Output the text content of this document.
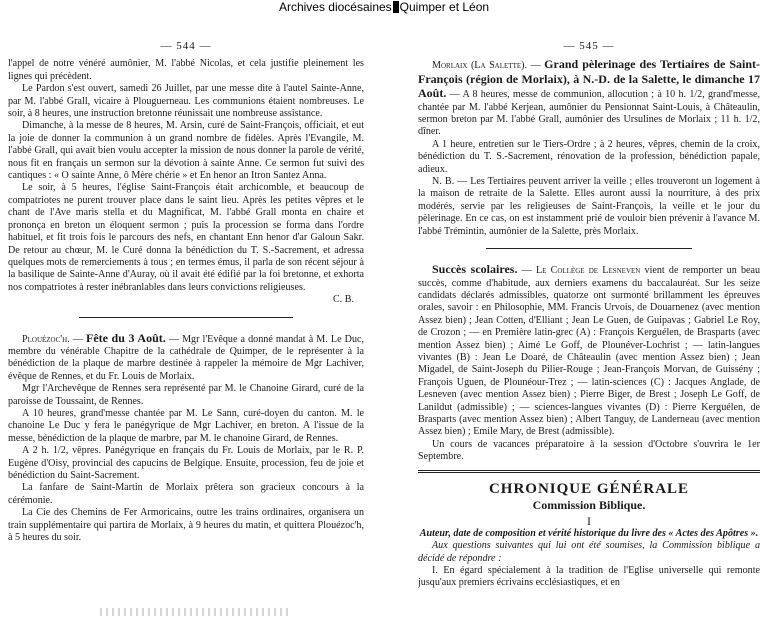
Archives diocésaines Quimper et Léon
— 544 —

l'appel de notre vénéré aumônier, M. l'abbé Nicolas, et cela justifie pleinement les lignes qui précèdent.

Le Pardon s'est ouvert, samedi 26 Juillet, par une messe dite à l'autel Sainte-Anne, par M. l'abbé Grall, vicaire à Plouguerneau. Les communions étaient nombreuses. Le soir, à 8 heures, une instruction bretonne réunissait une nombreuse assistance.

Dimanche, à la messe de 8 heures, M. Arsin, curé de Saint-François, officiait, et eut la joie de donner la communion à un grand nombre de fidèles. Après l'Evangile, M. l'abbé Grall, qui avait bien voulu accepter la mission de nous donner la parole de vérité, nous fit en français un sermon sur la dévotion à sainte Anne. Ce sermon fut suivi des cantiques : « O sainte Anne, ô Mère chérie » et En henor an Itron Santez Anna.

Le soir, à 5 heures, l'église Saint-François était archicomble, et beaucoup de compatriotes ne purent trouver place dans le saint lieu. Après les petites vêpres et le chant de l'Ave maris stella et du Magnificat, M. l'abbé Grall monta en chaire et prononça en breton un éloquent sermon ; puis la procession se forma dans l'ordre habituel, et fit trois fois le parcours des nefs, en chantant Enn henor d'ar Galoun Sakr. De retour au chœur, M. le Curé donna la bénédiction du T. S.-Sacrement, et adressa quelques mots de remerciements à tous ; en termes émus, il parla de son récent séjour à la basilique de Sainte-Anne d'Auray, où il avait été édifié par la foi bretonne, et exhorta nos compatriotes à rester inébranlables dans leurs convictions religieuses.

C. B.

Plouézoc'h. — Fête du 3 Août. — Mgr l'Evêque a donné mandat à M. Le Duc, membre du vénérable Chapitre de la cathédrale de Quimper, de le représenter à la bénédiction de la plaque de marbre destinée à rappeler la mémoire de Mgr Lachiver, évêque de Rennes, et du Fr. Louis de Morlaix.

Mgr l'Archevêque de Rennes sera représenté par M. le Chanoine Girard, curé de la paroisse de Toussaint, de Rennes.

A 10 heures, grand'messe chantée par M. Le Sann, curé-doyen du canton. M. le chanoine Le Duc y fera le panégyrique de Mgr Lachiver, en breton. A l'issue de la messe, bénédiction de la plaque de marbre, par M. le chanoine Girard, de Rennes.

A 2 h. 1/2, vêpres. Panégyrique en français du Fr. Louis de Morlaix, par le R. P. Eugène d'Oisy, provincial des capucins de Belgique. Ensuite, procession, feu de joie et bénédiction du Saint-Sacrement.

La fanfare de Saint-Martin de Morlaix prêtera son gracieux concours à la cérémonie.

La Cie des Chemins de Fer Armoricains, outre les trains ordinaires, organisera un train supplémentaire qui partira de Morlaix, à 9 heures du matin, et quittera Plouézoc'h, à 5 heures du soir.

— 545 —

Morlaix (La Salette). — Grand pèlerinage des Tertiaires de Saint-François (région de Morlaix), à N.-D. de la Salette, le dimanche 17 Août. — A 8 heures, messe de communion, allocution ; à 10 h. 1/2, grand'messe, chantée par M. l'abbé Kerjean, aumônier du Pensionnat Saint-Louis, à Châteaulin, sermon breton par M. l'abbé Grall, aumônier des Ursulines de Morlaix ; 11 h. 1/2, dîner.

A 1 heure, entretien sur le Tiers-Ordre ; à 2 heures, vêpres, chemin de la croix, bénédiction du T. S.-Sacrement, rénovation de la profession, bénédiction papale, adieux.

N. B. — Les Tertiaires peuvent arriver la veille ; elles trouveront un logement à la maison de retraite de la Salette. Elles auront aussi la nourriture, à des prix modérés, servie par les religieuses de Saint-François, la veille et le jour du pèlerinage. En ce cas, on est instamment prié de vouloir bien prévenir à l'avance M. l'abbé Trémintin, aumônier de la Salette, près Morlaix.

Succès scolaires. — Le Collège de Lesneven vient de remporter un beau succès, comme d'habitude, aux derniers examens du baccalauréat. Sur les seize candidats déclarés admissibles, quatorze ont surmonté brillamment les épreuves orales, savoir : en Philosophie, MM. Francis Urvois, de Douarnenez (avec mention Assez bien) ; Jean Cotten, d'Elliant ; Jean Le Guen, de Guipavas ; Gabriel Le Roy, de Crozon ; — en Première latin-grec (A) : François Kerguélen, de Brasparts (avec mention Assez bien) ; Aimé Le Goff, de Plounéver-Lochrist ; — latin-langues vivantes (B) : Jean Le Doaré, de Châteaulin (avec mention Assez bien) ; Jean Migadel, de Saint-Joseph du Pilier-Rouge ; Jean-François Morvan, de Guissény ; François Uguen, de Plounéour-Trez ; — latin-sciences (C) : Jacques Anglade, de Lesneven (avec mention Assez bien) ; Pierre Biger, de Brest ; Joseph Le Goff, de Lanildut (admissible) ; — sciences-langues vivantes (D) : Pierre Kerguélen, de Brasparts (avec mention Assez bien) ; Albert Tanguy, de Landerneau (avec mention Assez bien) ; Emile Mary, de Brest (admissible).

Un cours de vacances préparatoire à la session d'Octobre s'ouvrira le 1er Septembre.

CHRONIQUE GÉNÉRALE
Commission Biblique.
I

Auteur, date de composition et vérité historique du livre des « Actes des Apôtres ».

Aux questions suivantes qui lui ont été soumises, la Commission biblique a décidé de répondre :

I. En égard spécialement à la tradition de l'Eglise universelle qui remonte jusqu'aux premiers écrivains ecclésiastiques, et en
